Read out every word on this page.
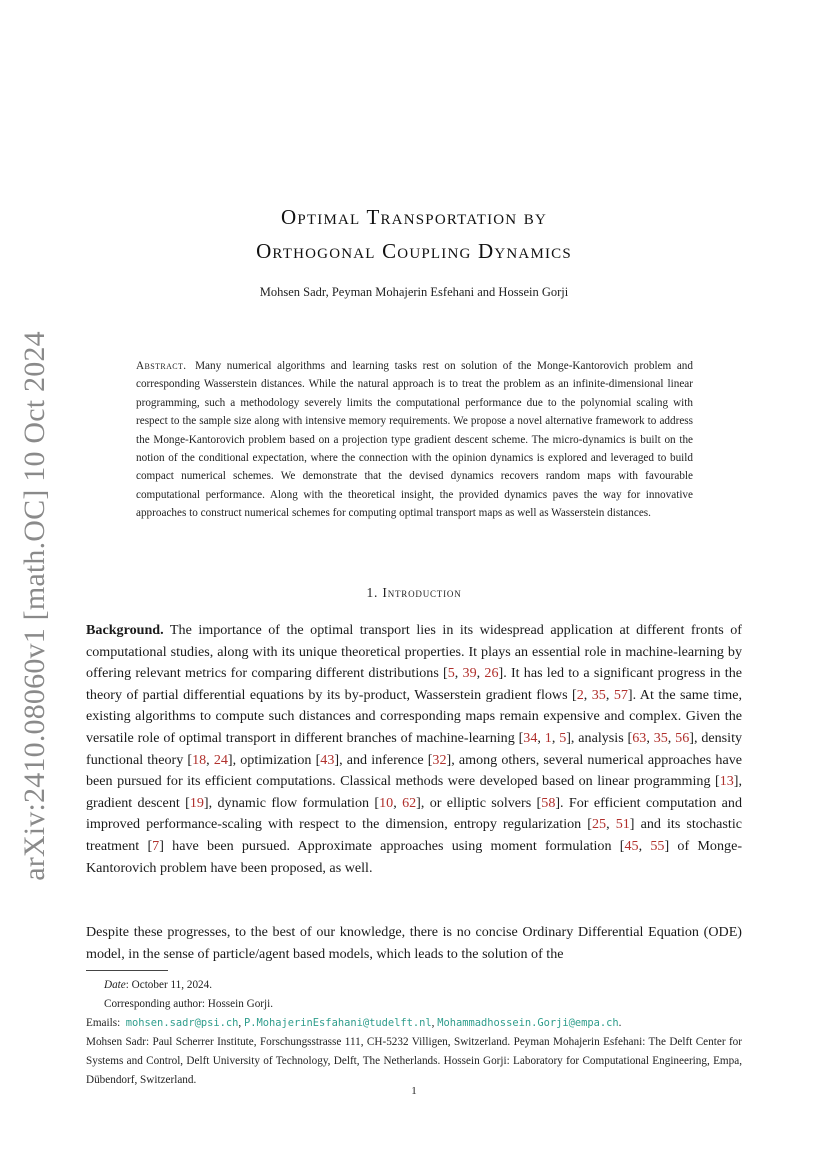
arXiv:2410.08060v1 [math.OC] 10 Oct 2024
Optimal Transportation by
Orthogonal Coupling Dynamics
Mohsen Sadr, Peyman Mohajerin Esfehani and Hossein Gorji

Abstract. Many numerical algorithms and learning tasks rest on solution of the Monge-Kantorovich problem and corresponding Wasserstein distances. While the natural approach is to treat the problem as an infinite-dimensional linear programming, such a methodology severely limits the computational performance due to the polynomial scaling with respect to the sample size along with intensive memory requirements. We propose a novel alternative framework to address the Monge-Kantorovich problem based on a projection type gradient descent scheme. The micro-dynamics is built on the notion of the conditional expectation, where the connection with the opinion dynamics is explored and leveraged to build compact numerical schemes. We demonstrate that the devised dynamics recovers random maps with favourable computational performance. Along with the theoretical insight, the provided dynamics paves the way for innovative approaches to construct numerical schemes for computing optimal transport maps as well as Wasserstein distances.

1. Introduction

Background. The importance of the optimal transport lies in its widespread application at different fronts of computational studies, along with its unique theoretical properties. It plays an essential role in machine-learning by offering relevant metrics for comparing different distributions [5, 39, 26]. It has led to a significant progress in the theory of partial differential equations by its by-product, Wasserstein gradient flows [2, 35, 57]. At the same time, existing algorithms to compute such distances and corresponding maps remain expensive and complex. Given the versatile role of optimal transport in different branches of machine-learning [34, 1, 5], analysis [63, 35, 56], density functional theory [18, 24], optimization [43], and inference [32], among others, several numerical approaches have been pursued for its efficient computations. Classical methods were developed based on linear programming [13], gradient descent [19], dynamic flow formulation [10, 62], or elliptic solvers [58]. For efficient computation and improved performance-scaling with respect to the dimension, entropy regularization [25, 51] and its stochastic treatment [7] have been pursued. Approximate approaches using moment formulation [45, 55] of Monge-Kantorovich problem have been proposed, as well.

Despite these progresses, to the best of our knowledge, there is no concise Ordinary Differential Equation (ODE) model, in the sense of particle/agent based models, which leads to the solution of the

Date: October 11, 2024.

Corresponding author: Hossein Gorji.

Emails: mohsen.sadr@psi.ch, P.MohajerinEsfahani@tudelft.nl, Mohammadhossein.Gorji@empa.ch.

Mohsen Sadr: Paul Scherrer Institute, Forschungsstrasse 111, CH-5232 Villigen, Switzerland. Peyman Mohajerin Esfehani: The Delft Center for Systems and Control, Delft University of Technology, Delft, The Netherlands. Hossein Gorji: Laboratory for Computational Engineering, Empa, Dübendorf, Switzerland.

1
